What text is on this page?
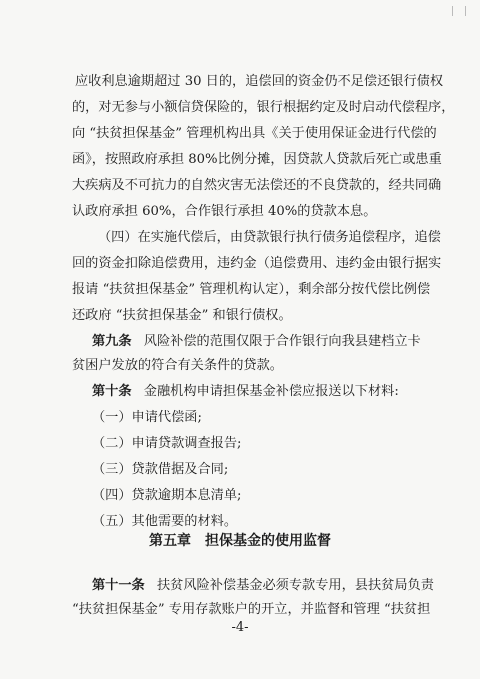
应收利息逾期超过 30 日的，追偿回的资金仍不足偿还银行债权
的，对无参与小额信贷保险的，银行根据约定及时启动代偿程序，
向 “扶贫担保基金” 管理机构出具《关于使用保证金进行代偿的
函》，按照政府承担 80%比例分摊，因贷款人贷款后死亡或患重
大疾病及不可抗力的自然灾害无法偿还的不良贷款的，经共同确
认政府承担 60%，合作银行承担 40%的贷款本息。
（四）在实施代偿后，由贷款银行执行债务追偿程序，追偿
回的资金扣除追偿费用，违约金（追偿费用、违约金由银行据实
报请 “扶贫担保基金” 管理机构认定），剩余部分按代偿比例偿
还政府 “扶贫担保基金” 和银行债权。
第九条 风险补偿的范围仅限于合作银行向我县建档立卡
贫困户发放的符合有关条件的贷款。
第十条 金融机构申请担保基金补偿应报送以下材料:
（一）申请代偿函;
（二）申请贷款调查报告;
（三）贷款借据及合同;
（四）贷款逾期本息清单;
（五）其他需要的材料。
第五章　担保基金的使用监督
第十一条 扶贫风险补偿基金必须专款专用，县扶贫局负责
“扶贫担保基金” 专用存款账户的开立，并监督和管理 “扶贫担
-4-
